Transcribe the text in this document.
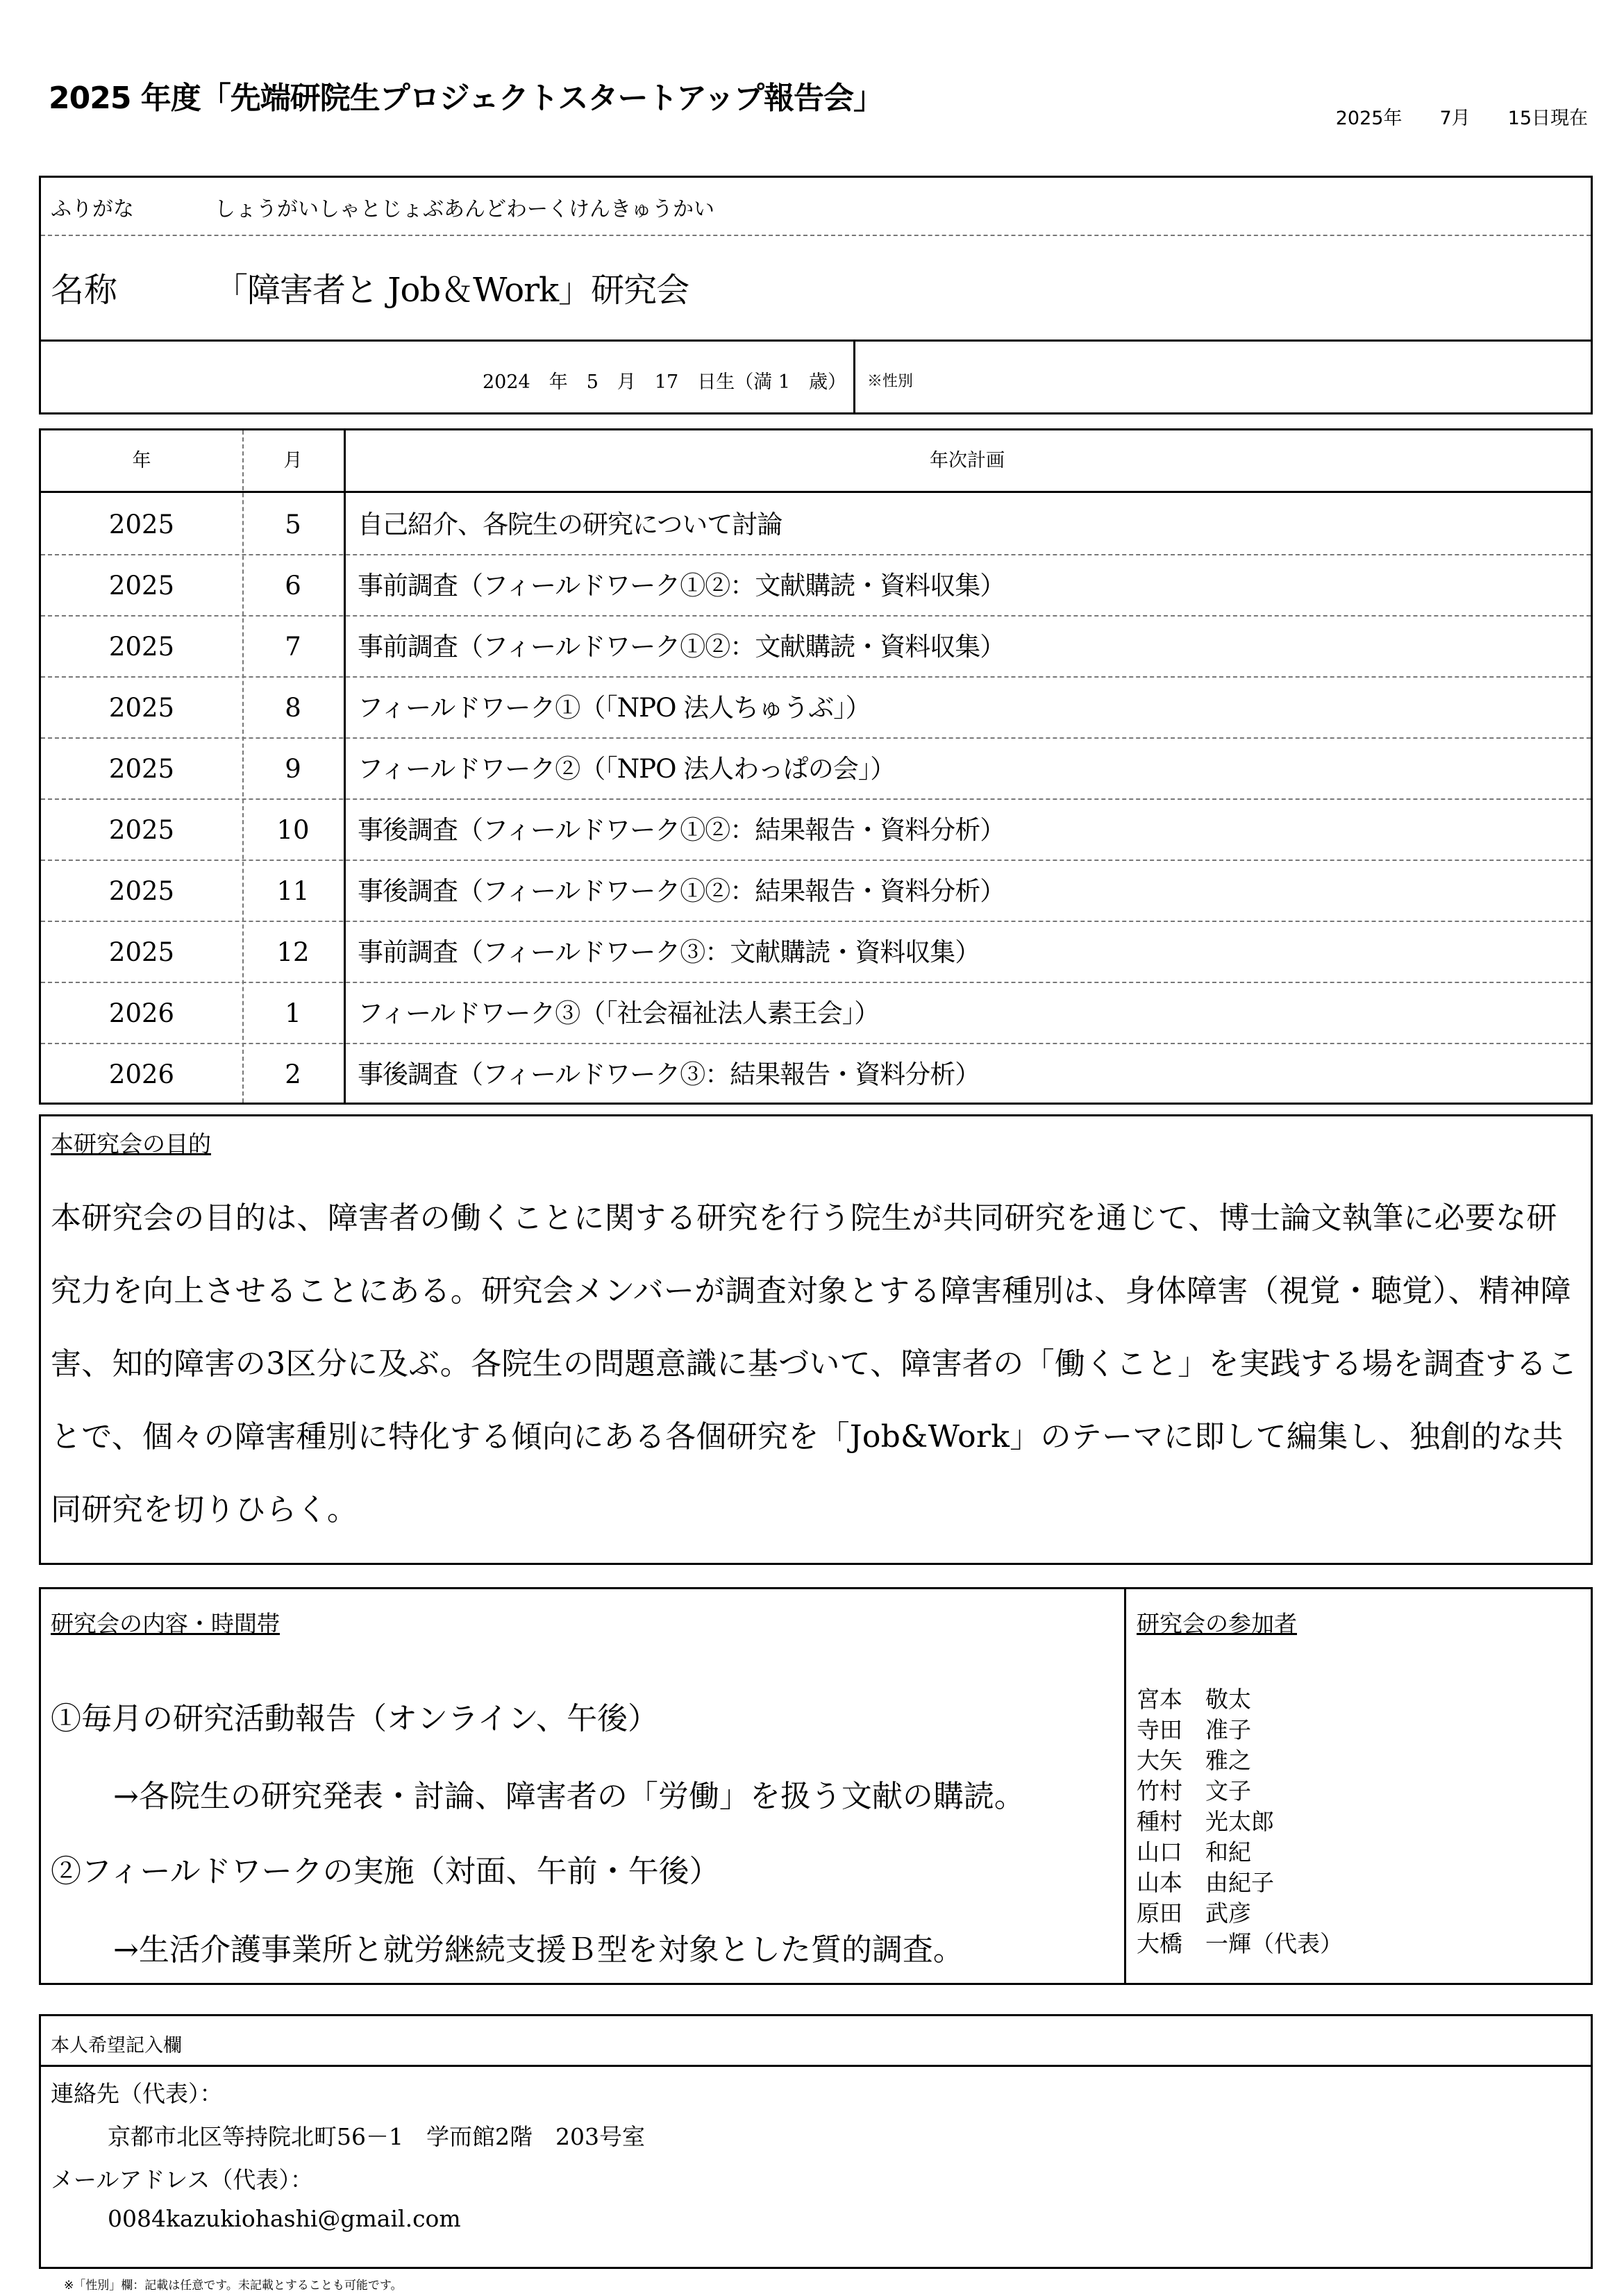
2025 年度「先端研院生プロジェクトスタートアップ報告会」
2025年　　7月　　15日現在
ふりがな	しょうがいしゃとじょぶあんどわーくけんきゅうかい
名称	「障害者と Job＆Work」研究会
2024　年　5　月　17　日生（満 1　歳） ※性別
年	月	年次計画
2025	5	自己紹介、各院生の研究について討論
2025	6	事前調査（フィールドワーク①②：文献購読・資料収集）
2025	7	事前調査（フィールドワーク①②：文献購読・資料収集）
2025	8	フィールドワーク①（「NPO 法人ちゅうぶ」）
2025	9	フィールドワーク②（「NPO 法人わっぱの会」）
2025	10	事後調査（フィールドワーク①②：結果報告・資料分析）
2025	11	事後調査（フィールドワーク①②：結果報告・資料分析）
2025	12	事前調査（フィールドワーク③：文献購読・資料収集）
2026	1	フィールドワーク③（「社会福祉法人素王会」）
2026	2	事後調査（フィールドワーク③：結果報告・資料分析）
本研究会の目的
本研究会の目的は、障害者の働くことに関する研究を行う院生が共同研究を通じて、博士論文執筆に必要な研究力を向上させることにある。研究会メンバーが調査対象とする障害種別は、身体障害（視覚・聴覚）、精神障害、知的障害の3区分に及ぶ。各院生の問題意識に基づいて、障害者の「働くこと」を実践する場を調査することで、個々の障害種別に特化する傾向にある各個研究を「Job&Work」のテーマに即して編集し、独創的な共同研究を切りひらく。
研究会の内容・時間帯
①毎月の研究活動報告（オンライン、午後）
→各院生の研究発表・討論、障害者の「労働」を扱う文献の購読。
②フィールドワークの実施（対面、午前・午後）
→生活介護事業所と就労継続支援Ｂ型を対象とした質的調査。
研究会の参加者
宮本　敬太
寺田　准子
大矢　雅之
竹村　文子
種村　光太郎
山口　和紀
山本　由紀子
原田　武彦
大橋　一輝（代表）
本人希望記入欄
連絡先（代表）：
京都市北区等持院北町56－1　学而館2階　203号室
メールアドレス（代表）：
0084kazukiohashi@gmail.com
※「性別」欄：記載は任意です。未記載とすることも可能です。
